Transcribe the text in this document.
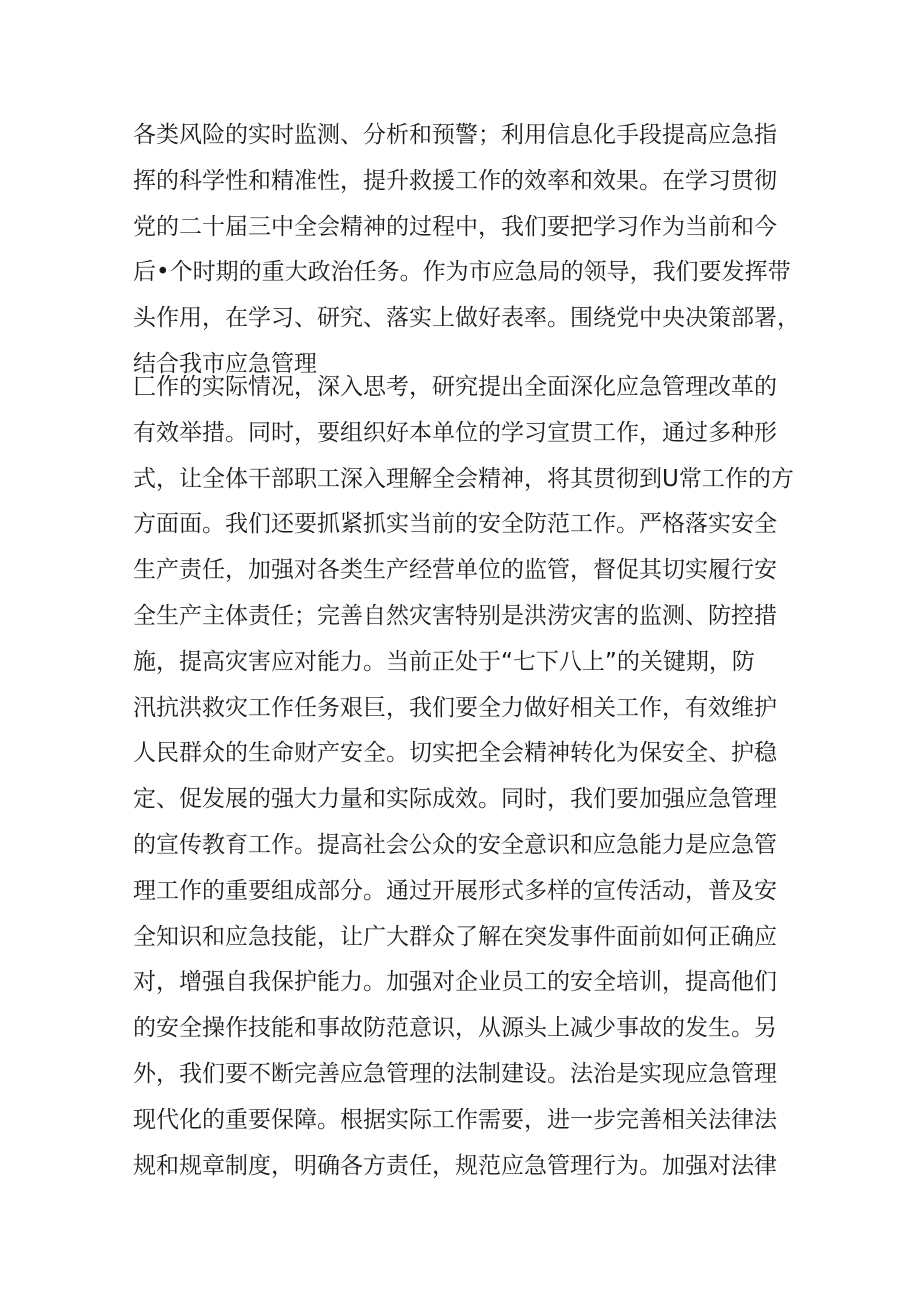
各类风险的实时监测、分析和预警；利用信息化手段提高应急指
挥的科学性和精准性，提升救援工作的效率和效果。在学习贯彻
党的二十届三中全会精神的过程中，我们要把学习作为当前和今
后•个时期的重大政治任务。作为市应急局的领导，我们要发挥带
头作用，在学习、研究、落实上做好表率。围绕党中央决策部署，
结合我市应急管理
匚作的实际情况，深入思考，研究提出全面深化应急管理改革的
有效举措。同时，要组织好本单位的学习宣贯工作，通过多种形
式，让全体干部职工深入理解全会精神，将其贯彻到U常工作的方
方面面。我们还要抓紧抓实当前的安全防范工作。严格落实安全
生产责任，加强对各类生产经营单位的监管，督促其切实履行安
全生产主体责任；完善自然灾害特别是洪涝灾害的监测、防控措
施，提高灾害应对能力。当前正处于“七下八上”的关键期，防
汛抗洪救灾工作任务艰巨，我们要全力做好相关工作，有效维护
人民群众的生命财产安全。切实把全会精神转化为保安全、护稳
定、促发展的强大力量和实际成效。同时，我们要加强应急管理
的宣传教育工作。提高社会公众的安全意识和应急能力是应急管
理工作的重要组成部分。通过开展形式多样的宣传活动，普及安
全知识和应急技能，让广大群众了解在突发事件面前如何正确应
对，增强自我保护能力。加强对企业员工的安全培训，提高他们
的安全操作技能和事故防范意识，从源头上减少事故的发生。另
外，我们要不断完善应急管理的法制建设。法治是实现应急管理
现代化的重要保障。根据实际工作需要，进一步完善相关法律法
规和规章制度，明确各方责任，规范应急管理行为。加强对法律
